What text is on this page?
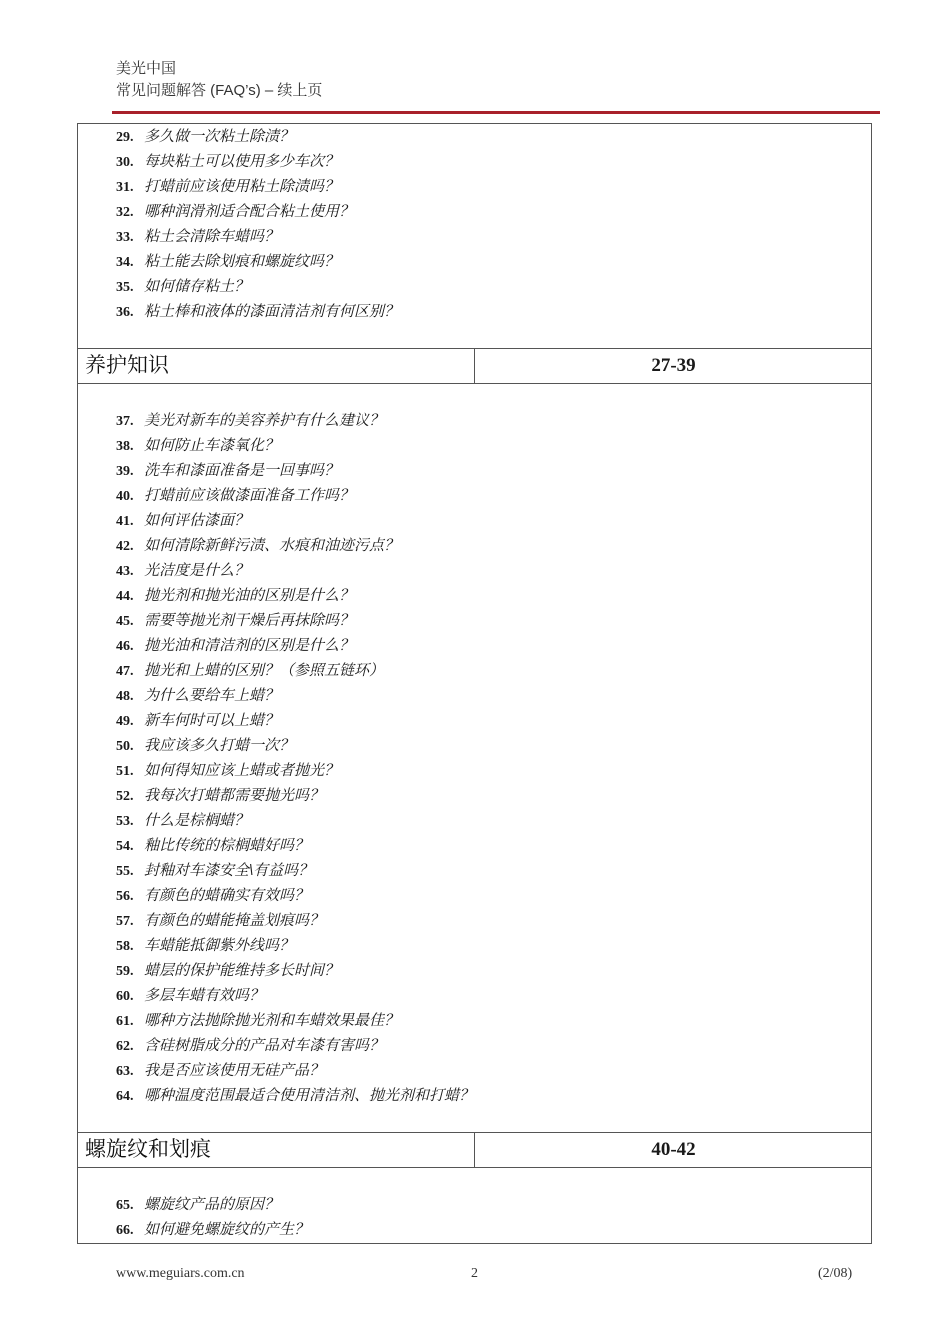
美光中国
常见问题解答 (FAQ’s) – 续上页
29. 多久做一次粘土除渍？
30. 每块粘土可以使用多少车次？
31. 打蜡前应该使用粘土除渍吗？
32. 哪种润滑剂适合配合粘土使用？
33. 粘土会清除车蜡吗？
34. 粘土能去除划痕和螺旋纹吗？
35. 如何储存粘土？
36. 粘土棒和液体的漆面清洁剂有何区别？
养护知识	27-39
37. 美光对新车的美容养护有什么建议？
38. 如何防止车漆氧化？
39. 洗车和漆面准备是一回事吗？
40. 打蜡前应该做漆面准备工作吗？
41. 如何评估漆面？
42. 如何清除新鲜污渍、水痕和油迹污点？
43. 光洁度是什么？
44. 抛光剂和抛光油的区别是什么？
45. 需要等抛光剂干燥后再抹除吗？
46. 抛光油和清洁剂的区别是什么？
47. 抛光和上蜡的区别？（参照五链环）
48. 为什么要给车上蜡？
49. 新车何时可以上蜡？
50. 我应该多久打蜡一次？
51. 如何得知应该上蜡或者抛光？
52. 我每次打蜡都需要抛光吗？
53. 什么是棕榈蜡？
54. 釉比传统的棕榈蜡好吗？
55. 封釉对车漆安全\有益吗？
56. 有颜色的蜡确实有效吗？
57. 有颜色的蜡能掩盖划痕吗？
58. 车蜡能抵御紫外线吗？
59. 蜡层的保护能维持多长时间？
60. 多层车蜡有效吗？
61. 哪种方法抛除抛光剂和车蜡效果最佳？
62. 含硅树脂成分的产品对车漆有害吗？
63. 我是否应该使用无硅产品？
64. 哪种温度范围最适合使用清洁剂、抛光剂和打蜡？
螺旋纹和划痕	40-42
65. 螺旋纹产品的原因？
66. 如何避免螺旋纹的产生？
www.meguiars.com.cn	2	(2/08)
